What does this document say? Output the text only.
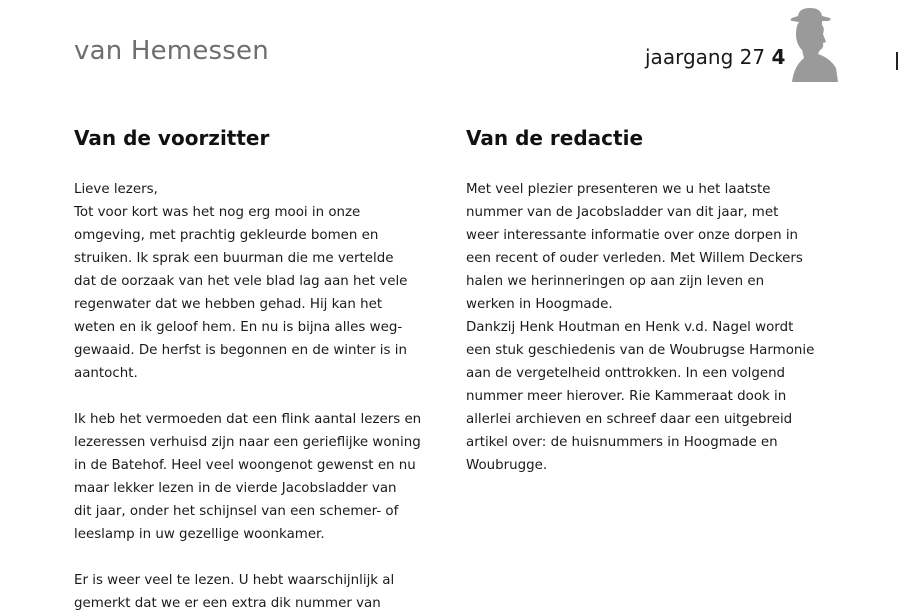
van Hemessen	jaargang 27 4
Van de voorzitter

Lieve lezers,

Tot voor kort was het nog erg mooi in onze

omgeving, met prachtig gekleurde bomen en

struiken. Ik sprak een buurman die me vertelde

dat de oorzaak van het vele blad lag aan het vele

regenwater dat we hebben gehad. Hij kan het

weten en ik geloof hem. En nu is bijna alles weg-

gewaaid. De herfst is begonnen en de winter is in

aantocht.

Ik heb het vermoeden dat een flink aantal lezers en

lezeressen verhuisd zijn naar een gerieflijke woning

in de Batehof. Heel veel woongenot gewenst en nu

maar lekker lezen in de vierde Jacobsladder van

dit jaar, onder het schijnsel van een schemer- of

leeslamp in uw gezellige woonkamer.

Er is weer veel te lezen. U hebt waarschijnlijk al

gemerkt dat we er een extra dik nummer van

Van de redactie

Met veel plezier presenteren we u het laatste

nummer van de Jacobsladder van dit jaar, met

weer interessante informatie over onze dorpen in

een recent of ouder verleden. Met Willem Deckers

halen we herinneringen op aan zijn leven en

werken in Hoogmade.

Dankzij Henk Houtman en Henk v.d. Nagel wordt

een stuk geschiedenis van de Woubrugse Harmonie

aan de vergetelheid onttrokken. In een volgend

nummer meer hierover. Rie Kammeraat dook in

allerlei archieven en schreef daar een uitgebreid

artikel over: de huisnummers in Hoogmade en

Woubrugge.
